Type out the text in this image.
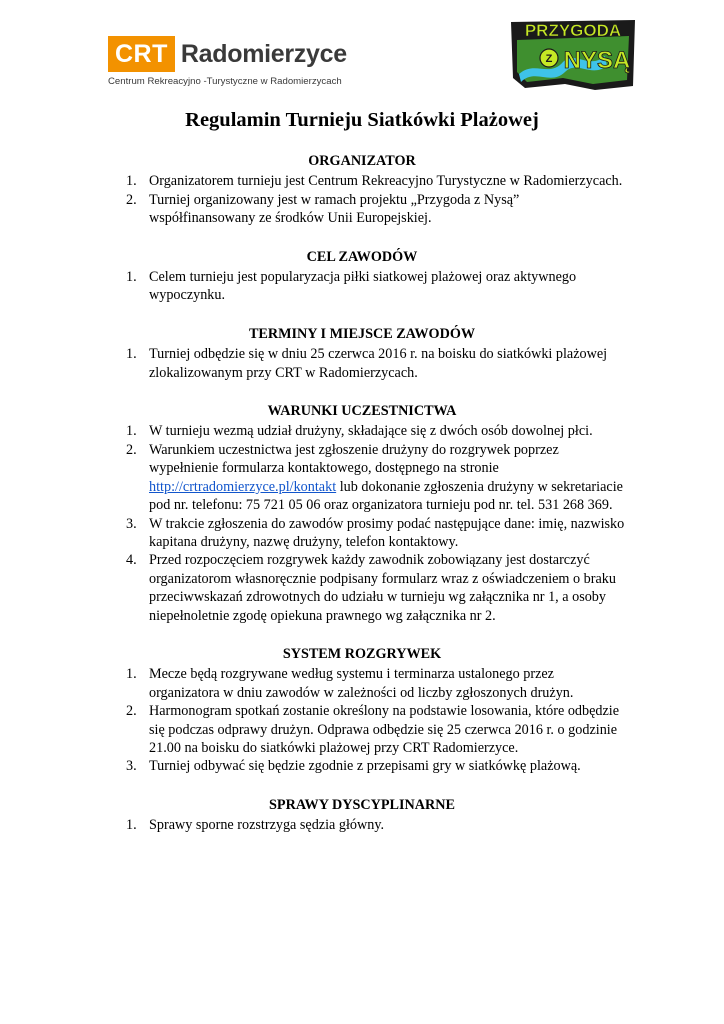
CRT Radomierzyce
Centrum Rekreacyjno -Turystyczne w Radomierzycach
PRZYGODA
Z NYSĄ
Regulamin Turnieju Siatkówki Plażowej
ORGANIZATOR
1. Organizatorem turnieju jest Centrum Rekreacyjno Turystyczne w Radomierzycach.
2. Turniej organizowany jest w ramach projektu „Przygoda z Nysą”
współfinansowany ze środków Unii Europejskiej.
CEL ZAWODÓW
1. Celem turnieju jest popularyzacja piłki siatkowej plażowej oraz aktywnego
wypoczynku.
TERMINY I MIEJSCE ZAWODÓW
1. Turniej odbędzie się w dniu 25 czerwca 2016 r. na boisku do siatkówki plażowej
zlokalizowanym przy CRT w Radomierzycach.
WARUNKI UCZESTNICTWA
1. W turnieju wezmą udział drużyny, składające się z dwóch osób dowolnej płci.
2. Warunkiem uczestnictwa jest zgłoszenie drużyny do rozgrywek poprzez
wypełnienie formularza kontaktowego, dostępnego na stronie
http://crtradomierzyce.pl/kontakt lub dokonanie zgłoszenia drużyny w sekretariacie
pod nr. telefonu: 75 721 05 06 oraz organizatora turnieju pod nr. tel. 531 268 369.
3. W trakcie zgłoszenia do zawodów prosimy podać następujące dane: imię, nazwisko
kapitana drużyny, nazwę drużyny, telefon kontaktowy.
4. Przed rozpoczęciem rozgrywek każdy zawodnik zobowiązany jest dostarczyć
organizatorom własnoręcznie podpisany formularz wraz z oświadczeniem o braku
przeciwwskazań zdrowotnych do udziału w turnieju wg załącznika nr 1, a osoby
niepełnoletnie zgodę opiekuna prawnego wg załącznika nr 2.
SYSTEM ROZGRYWEK
1. Mecze będą rozgrywane według systemu i terminarza ustalonego przez
organizatora w dniu zawodów w zależności od liczby zgłoszonych drużyn.
2. Harmonogram spotkań zostanie określony na podstawie losowania, które odbędzie
się podczas odprawy drużyn. Odprawa odbędzie się 25 czerwca 2016 r. o godzinie
21.00 na boisku do siatkówki plażowej przy CRT Radomierzyce.
3. Turniej odbywać się będzie zgodnie z przepisami gry w siatkówkę plażową.
SPRAWY DYSCYPLINARNE
1. Sprawy sporne rozstrzyga sędzia główny.
